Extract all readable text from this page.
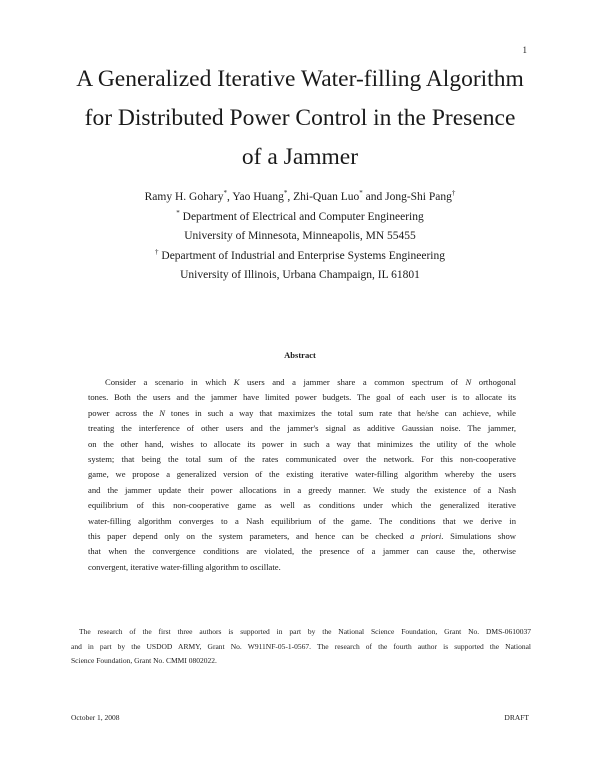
1
A Generalized Iterative Water-filling Algorithm
for Distributed Power Control in the Presence
of a Jammer
Ramy H. Gohary*, Yao Huang*, Zhi-Quan Luo* and Jong-Shi Pang†
* Department of Electrical and Computer Engineering
University of Minnesota, Minneapolis, MN 55455
† Department of Industrial and Enterprise Systems Engineering
University of Illinois, Urbana Champaign, IL 61801
Abstract
Consider a scenario in which K users and a jammer share a common spectrum of N orthogonal
tones. Both the users and the jammer have limited power budgets. The goal of each user is to allocate its
power across the N tones in such a way that maximizes the total sum rate that he/she can achieve, while
treating the interference of other users and the jammer's signal as additive Gaussian noise. The jammer,
on the other hand, wishes to allocate its power in such a way that minimizes the utility of the whole
system; that being the total sum of the rates communicated over the network. For this non-cooperative
game, we propose a generalized version of the existing iterative water-filling algorithm whereby the users
and the jammer update their power allocations in a greedy manner. We study the existence of a Nash
equilibrium of this non-cooperative game as well as conditions under which the generalized iterative
water-filling algorithm converges to a Nash equilibrium of the game. The conditions that we derive in
this paper depend only on the system parameters, and hence can be checked a priori. Simulations show
that when the convergence conditions are violated, the presence of a jammer can cause the, otherwise
convergent, iterative water-filling algorithm to oscillate.
The research of the first three authors is supported in part by the National Science Foundation, Grant No. DMS-0610037
and in part by the USDOD ARMY, Grant No. W911NF-05-1-0567. The research of the fourth author is supported the National
Science Foundation, Grant No. CMMI 0802022.
October 1, 2008	DRAFT
